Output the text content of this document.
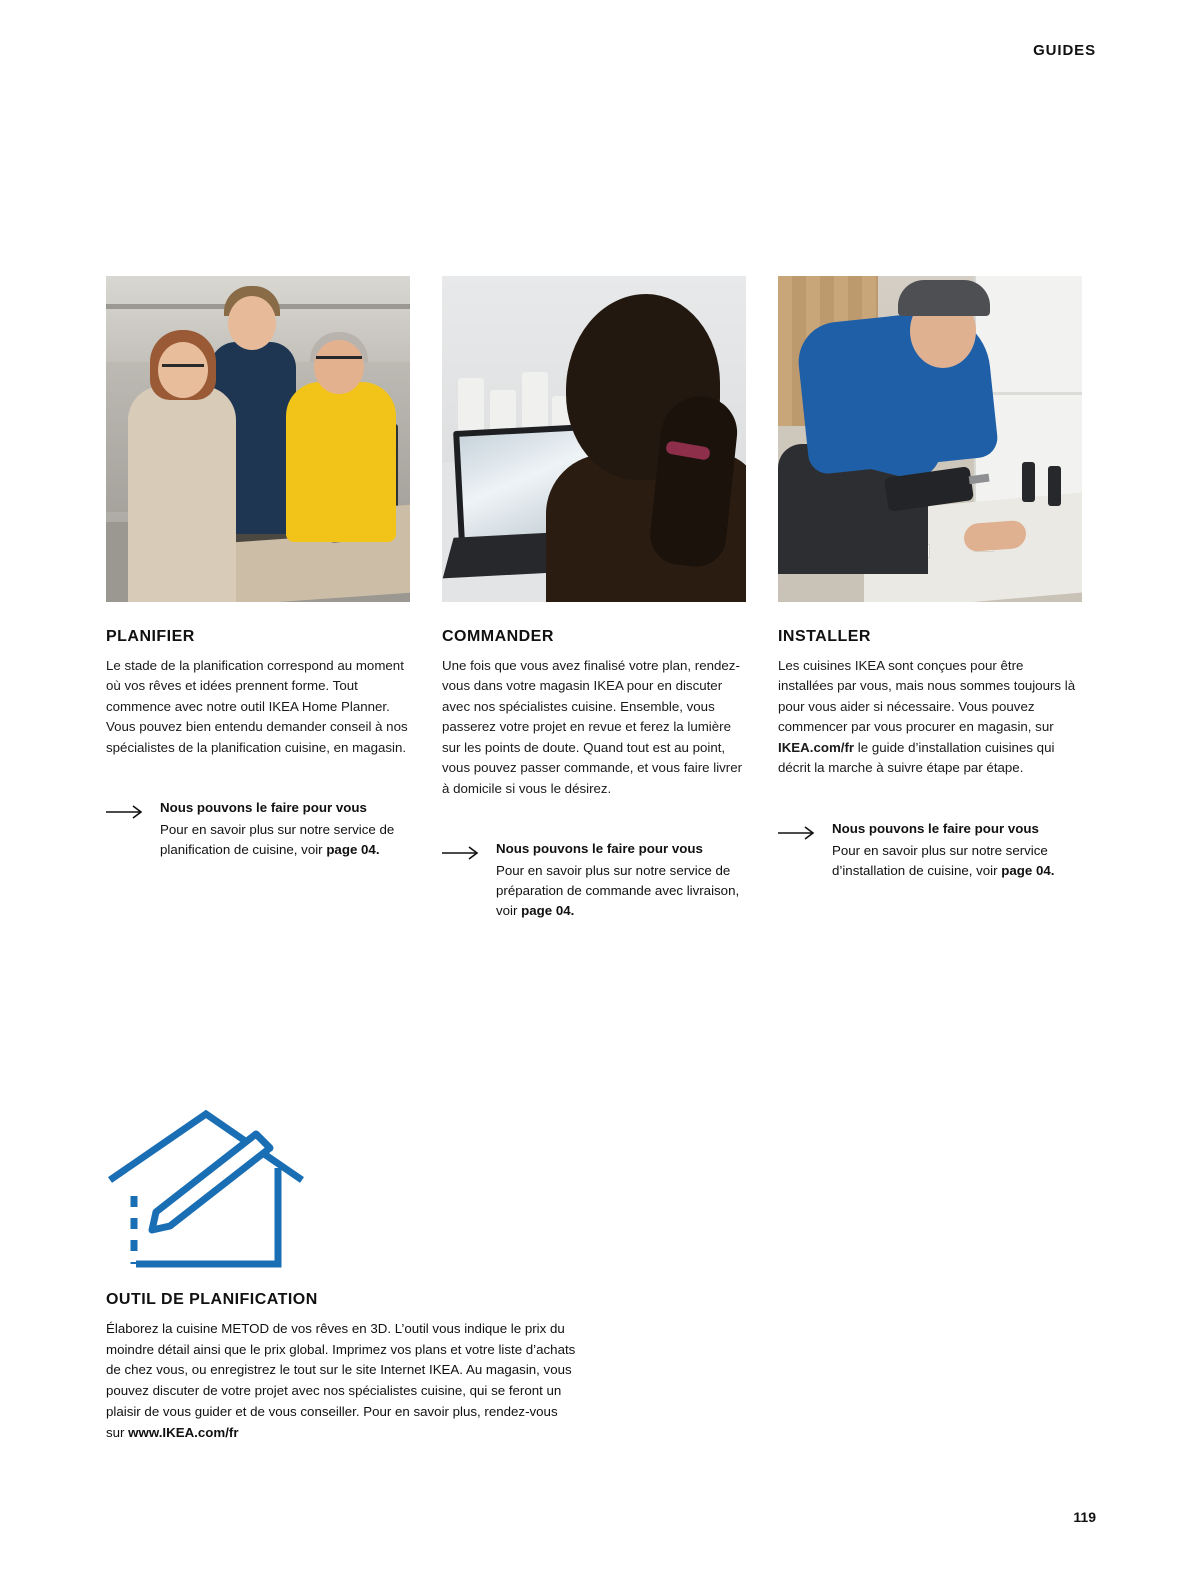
GUIDES
PLANIFIER

Le stade de la planification correspond au moment où vos rêves et idées prennent forme. Tout commence avec notre outil IKEA Home Planner. Vous pouvez bien entendu demander conseil à nos spécialistes de la planification cuisine, en magasin.

Nous pouvons le faire pour vous
Pour en savoir plus sur notre service de planification de cuisine, voir page 04.
COMMANDER

Une fois que vous avez finalisé votre plan, rendez-vous dans votre magasin IKEA pour en discuter avec nos spécialistes cuisine. Ensemble, vous passerez votre projet en revue et ferez la lumière sur les points de doute. Quand tout est au point, vous pouvez passer commande, et vous faire livrer à domicile si vous le désirez.

Nous pouvons le faire pour vous
Pour en savoir plus sur notre service de préparation de commande avec livraison, voir page 04.
INSTALLER

Les cuisines IKEA sont conçues pour être installées par vous, mais nous sommes toujours là pour vous aider si nécessaire. Vous pouvez commencer par vous procurer en magasin, sur IKEA.com/fr le guide d’installation cuisines qui décrit la marche à suivre étape par étape.

Nous pouvons le faire pour vous
Pour en savoir plus sur notre service d’installation de cuisine, voir page 04.
OUTIL DE PLANIFICATION

Élaborez la cuisine METOD de vos rêves en 3D. L’outil vous indique le prix du moindre détail ainsi que le prix global. Imprimez vos plans et votre liste d’achats de chez vous, ou enregistrez le tout sur le site Internet IKEA. Au magasin, vous pouvez discuter de votre projet avec nos spécialistes cuisine, qui se feront un plaisir de vous guider et de vous conseiller. Pour en savoir plus, rendez-vous sur www.IKEA.com/fr

119
